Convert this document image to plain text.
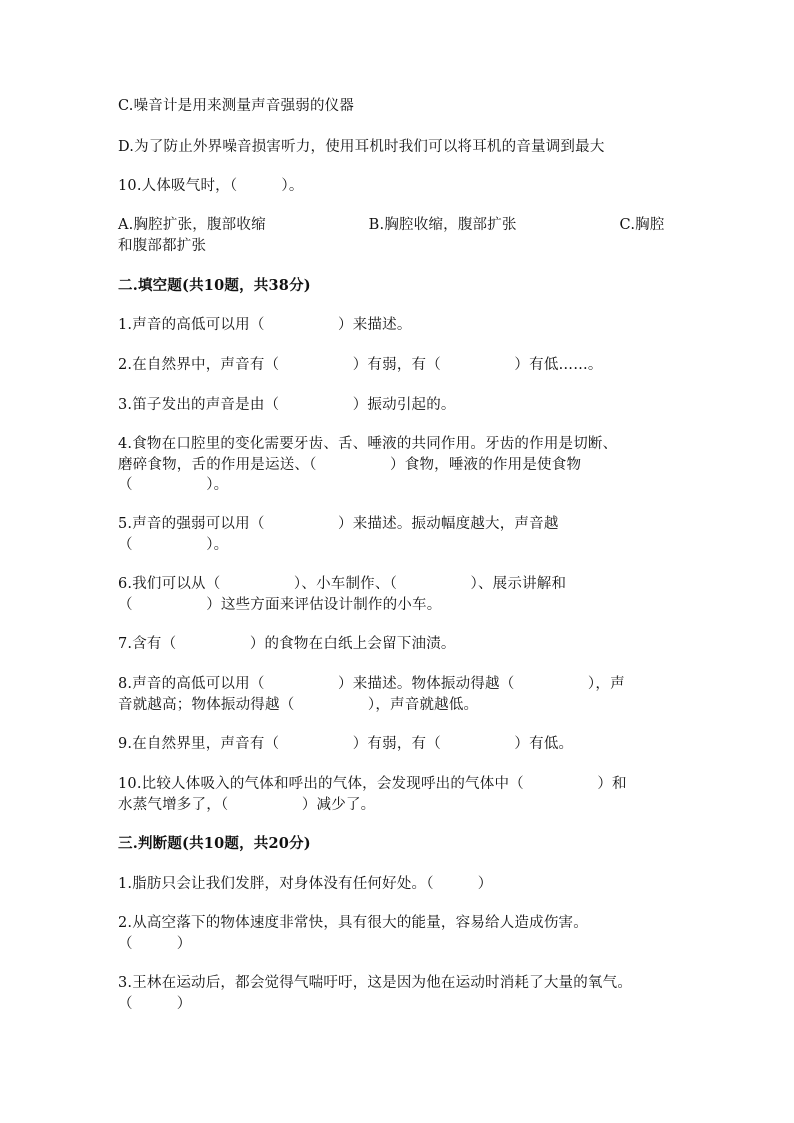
C.噪音计是用来测量声音强弱的仪器
D.为了防止外界噪音损害听力，使用耳机时我们可以将耳机的音量调到最大
10.人体吸气时，（　　　）。
A.胸腔扩张，腹部收缩　　　　　　　B.胸腔收缩，腹部扩张　　　　　　　C.胸腔
和腹部都扩张
二.填空题(共10题，共38分)
1.声音的高低可以用（　　　　　）来描述。
2.在自然界中，声音有（　　　　　）有弱，有（　　　　　）有低……。
3.笛子发出的声音是由（　　　　　）振动引起的。
4.食物在口腔里的变化需要牙齿、舌、唾液的共同作用。牙齿的作用是切断、
磨碎食物，舌的作用是运送、（　　　　　）食物，唾液的作用是使食物
（　　　　　）。
5.声音的强弱可以用（　　　　　）来描述。振动幅度越大，声音越
（　　　　　）。
6.我们可以从（　　　　　）、小车制作、（　　　　　）、展示讲解和
（　　　　　）这些方面来评估设计制作的小车。
7.含有（　　　　　）的食物在白纸上会留下油渍。
8.声音的高低可以用（　　　　　）来描述。物体振动得越（　　　　　），声
音就越高；物体振动得越（　　　　　），声音就越低。
9.在自然界里，声音有（　　　　　）有弱，有（　　　　　）有低。
10.比较人体吸入的气体和呼出的气体，会发现呼出的气体中（　　　　　）和
水蒸气增多了，（　　　　　）减少了。
三.判断题(共10题，共20分)
1.脂肪只会让我们发胖，对身体没有任何好处。（　　　）
2.从高空落下的物体速度非常快，具有很大的能量，容易给人造成伤害。
（　　　）
3.王林在运动后，都会觉得气喘吁吁，这是因为他在运动时消耗了大量的氧气。
（　　　）
